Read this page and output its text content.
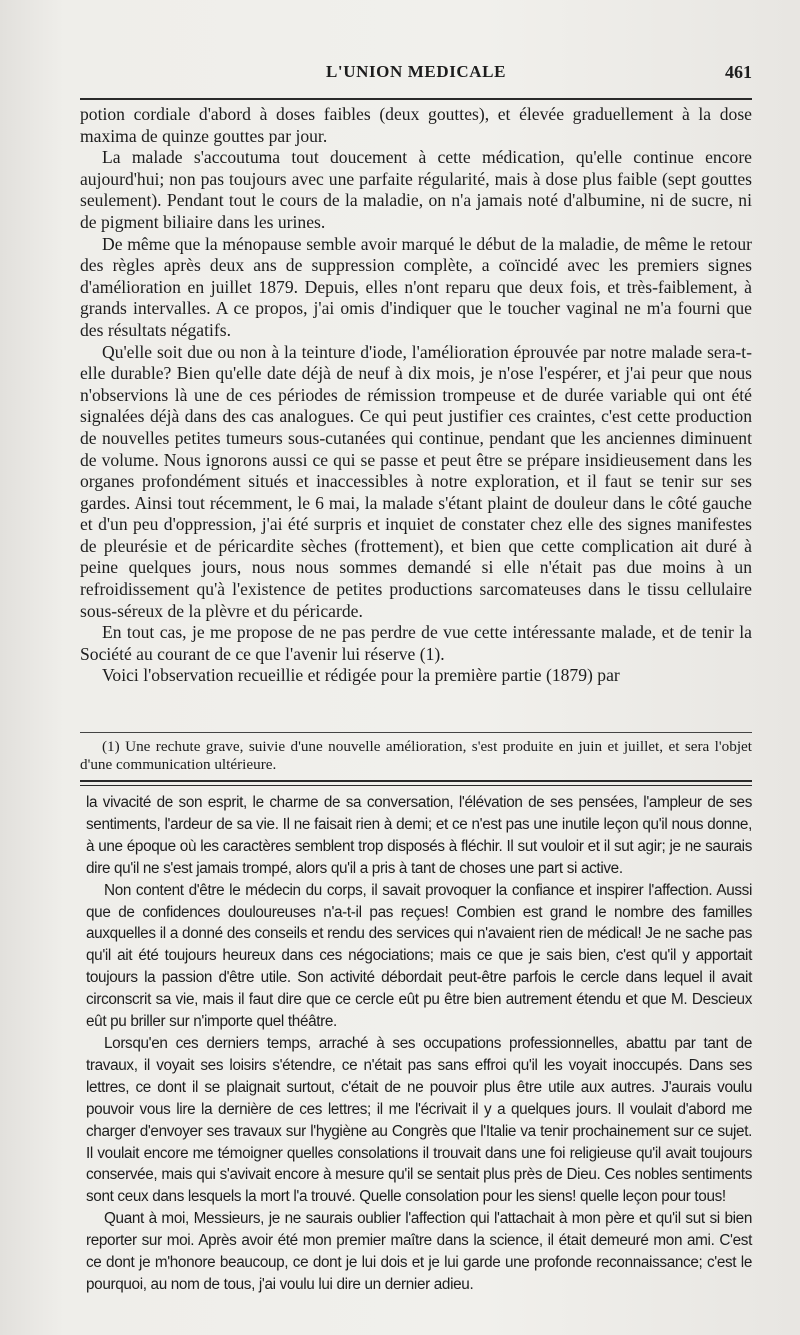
L'UNION MEDICALE	461

potion cordiale d'abord à doses faibles (deux gouttes), et élevée graduellement à la dose maxima de quinze gouttes par jour.

La malade s'accoutuma tout doucement à cette médication, qu'elle continue encore aujourd'hui; non pas toujours avec une parfaite régularité, mais à dose plus faible (sept gouttes seulement). Pendant tout le cours de la maladie, on n'a jamais noté d'albumine, ni de sucre, ni de pigment biliaire dans les urines.

De même que la ménopause semble avoir marqué le début de la maladie, de même le retour des règles après deux ans de suppression complète, a coïncidé avec les premiers signes d'amélioration en juillet 1879. Depuis, elles n'ont reparu que deux fois, et très-faiblement, à grands intervalles. A ce propos, j'ai omis d'indiquer que le toucher vaginal ne m'a fourni que des résultats négatifs.

Qu'elle soit due ou non à la teinture d'iode, l'amélioration éprouvée par notre malade sera-t-elle durable? Bien qu'elle date déjà de neuf à dix mois, je n'ose l'espérer, et j'ai peur que nous n'observions là une de ces périodes de rémission trompeuse et de durée variable qui ont été signalées déjà dans des cas analogues. Ce qui peut justifier ces craintes, c'est cette production de nouvelles petites tumeurs sous-cutanées qui continue, pendant que les anciennes diminuent de volume. Nous ignorons aussi ce qui se passe et peut être se prépare insidieusement dans les organes profondément situés et inaccessibles à notre exploration, et il faut se tenir sur ses gardes. Ainsi tout récemment, le 6 mai, la malade s'étant plaint de douleur dans le côté gauche et d'un peu d'oppression, j'ai été surpris et inquiet de constater chez elle des signes manifestes de pleurésie et de péricardite sèches (frottement), et bien que cette complication ait duré à peine quelques jours, nous nous sommes demandé si elle n'était pas due moins à un refroidissement qu'à l'existence de petites productions sarcomateuses dans le tissu cellulaire sous-séreux de la plèvre et du péricarde.

En tout cas, je me propose de ne pas perdre de vue cette intéressante malade, et de tenir la Société au courant de ce que l'avenir lui réserve (1).

Voici l'observation recueillie et rédigée pour la première partie (1879) par

(1) Une rechute grave, suivie d'une nouvelle amélioration, s'est produite en juin et juillet, et sera l'objet d'une communication ultérieure.

la vivacité de son esprit, le charme de sa conversation, l'élévation de ses pensées, l'ampleur de ses sentiments, l'ardeur de sa vie. Il ne faisait rien à demi; et ce n'est pas une inutile leçon qu'il nous donne, à une époque où les caractères semblent trop disposés à fléchir. Il sut vouloir et il sut agir; je ne saurais dire qu'il ne s'est jamais trompé, alors qu'il a pris à tant de choses une part si active.

Non content d'être le médecin du corps, il savait provoquer la confiance et inspirer l'affection. Aussi que de confidences douloureuses n'a-t-il pas reçues! Combien est grand le nombre des familles auxquelles il a donné des conseils et rendu des services qui n'avaient rien de médical! Je ne sache pas qu'il ait été toujours heureux dans ces négociations; mais ce que je sais bien, c'est qu'il y apportait toujours la passion d'être utile. Son activité débordait peut-être parfois le cercle dans lequel il avait circonscrit sa vie, mais il faut dire que ce cercle eût pu être bien autrement étendu et que M. Descieux eût pu briller sur n'importe quel théâtre.

Lorsqu'en ces derniers temps, arraché à ses occupations professionnelles, abattu par tant de travaux, il voyait ses loisirs s'étendre, ce n'était pas sans effroi qu'il les voyait inoccupés. Dans ses lettres, ce dont il se plaignait surtout, c'était de ne pouvoir plus être utile aux autres. J'aurais voulu pouvoir vous lire la dernière de ces lettres; il me l'écrivait il y a quelques jours. Il voulait d'abord me charger d'envoyer ses travaux sur l'hygiène au Congrès que l'Italie va tenir prochainement sur ce sujet. Il voulait encore me témoigner quelles consolations il trouvait dans une foi religieuse qu'il avait toujours conservée, mais qui s'avivait encore à mesure qu'il se sentait plus près de Dieu. Ces nobles sentiments sont ceux dans lesquels la mort l'a trouvé. Quelle consolation pour les siens! quelle leçon pour tous!

Quant à moi, Messieurs, je ne saurais oublier l'affection qui l'attachait à mon père et qu'il sut si bien reporter sur moi. Après avoir été mon premier maître dans la science, il était demeuré mon ami. C'est ce dont je m'honore beaucoup, ce dont je lui dois et je lui garde une profonde reconnaissance; c'est le pourquoi, au nom de tous, j'ai voulu lui dire un dernier adieu.
